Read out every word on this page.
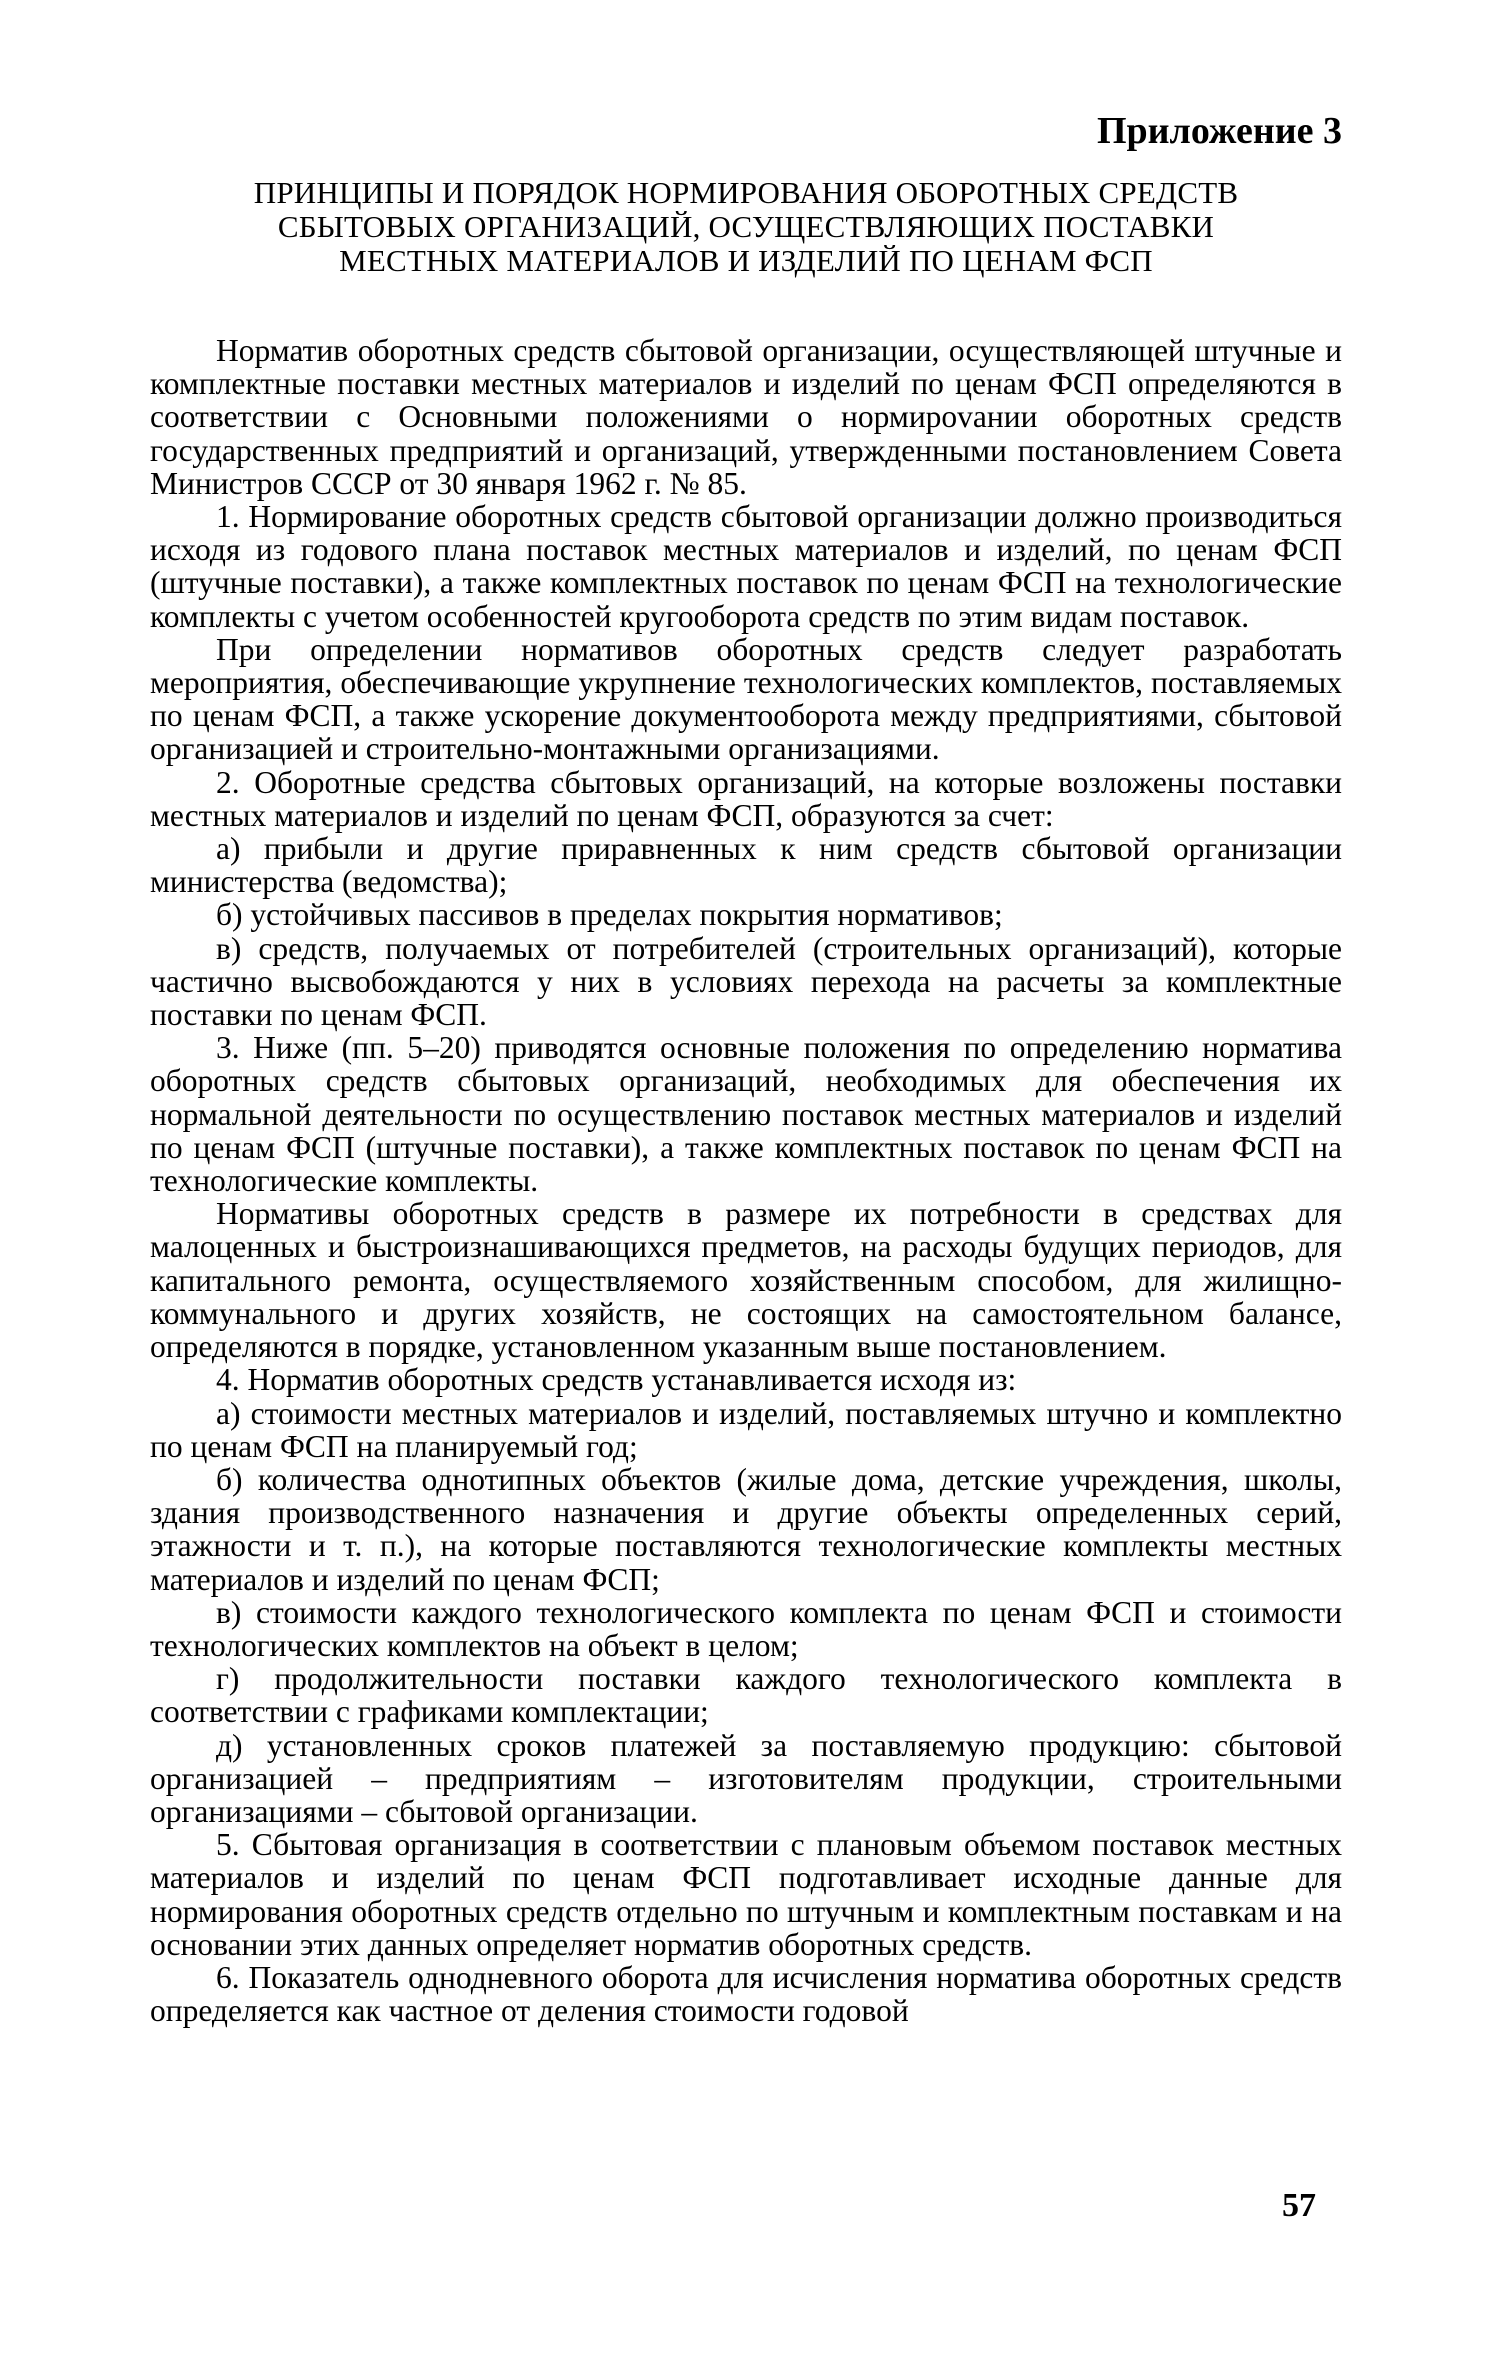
Приложение 3
ПРИНЦИПЫ И ПОРЯДОК НОРМИРОВАНИЯ ОБОРОТНЫХ СРЕДСТВ
СБЫТОВЫХ ОРГАНИЗАЦИЙ, ОСУЩЕСТВЛЯЮЩИХ ПОСТАВКИ
МЕСТНЫХ МАТЕРИАЛОВ И ИЗДЕЛИЙ ПО ЦЕНАМ ФСП

Норматив оборотных средств сбытовой организации, осуществляющей штучные и комплектные поставки местных материалов и изделий по ценам ФСП определяются в соответствии с Основными положениями о нормироvании оборотных средств государственных предприятий и организаций, утвержденными постановлением Совета Министров СССР от 30 января 1962 г. № 85.

1. Нормирование оборотных средств сбытовой организации должно производиться исходя из годового плана поставок местных материалов и изделий, по ценам ФСП (штучные поставки), а также комплектных поставок по ценам ФСП на технологические комплекты с учетом особенностей кругооборота средств по этим видам поставок.

При определении нормативов оборотных средств следует разработать мероприятия, обеспечивающие укрупнение технологических комплектов, поставляемых по ценам ФСП, а также ускорение документооборота между предприятиями, сбытовой организацией и строительно-монтажными организациями.

2. Оборотные средства сбытовых организаций, на которые возложены поставки местных материалов и изделий по ценам ФСП, образуются за счет:

а) прибыли и другие приравненных к ним средств сбытовой организации министерства (ведомства);

б) устойчивых пассивов в пределах покрытия нормативов;

в) средств, получаемых от потребителей (строительных организаций), которые частично высвобождаются у них в условиях перехода на расчеты за комплектные поставки по ценам ФСП.

3. Ниже (пп. 5–20) приводятся основные положения по определению норматива оборотных средств сбытовых организаций, необходимых для обеспечения их нормальной деятельности по осуществлению поставок местных материалов и изделий по ценам ФСП (штучные поставки), а также комплектных поставок по ценам ФСП на технологические комплекты.

Нормативы оборотных средств в размере их потребности в средствах для малоценных и быстроизнашивающихся предметов, на расходы будущих периодов, для капитального ремонта, осуществляемого хозяйственным способом, для жилищно-коммунального и других хозяйств, не состоящих на самостоятельном балансе, определяются в порядке, установленном указанным выше постановлением.

4. Норматив оборотных средств устанавливается исходя из:

а) стоимости местных материалов и изделий, поставляемых штучно и комплектно по ценам ФСП на планируемый год;

б) количества однотипных объектов (жилые дома, детские учреждения, школы, здания производственного назначения и другие объекты определенных серий, этажности и т. п.), на которые поставляются технологические комплекты местных материалов и изделий по ценам ФСП;

в) стоимости каждого технологического комплекта по ценам ФСП и стоимости технологических комплектов на объект в целом;

г) продолжительности поставки каждого технологического комплекта в соответствии с графиками комплектации;

д) установленных сроков платежей за поставляемую продукцию: сбытовой организацией – предприятиям – изготовителям продукции, строительными организациями – сбытовой организации.

5. Сбытовая организация в соответствии с плановым объемом поставок местных материалов и изделий по ценам ФСП подготавливает исходные данные для нормирования оборотных средств отдельно по штучным и комплектным поставкам и на основании этих данных определяет норматив оборотных средств.

6. Показатель однодневного оборота для исчисления норматива оборотных средств определяется как частное от деления стоимости годовой

57
